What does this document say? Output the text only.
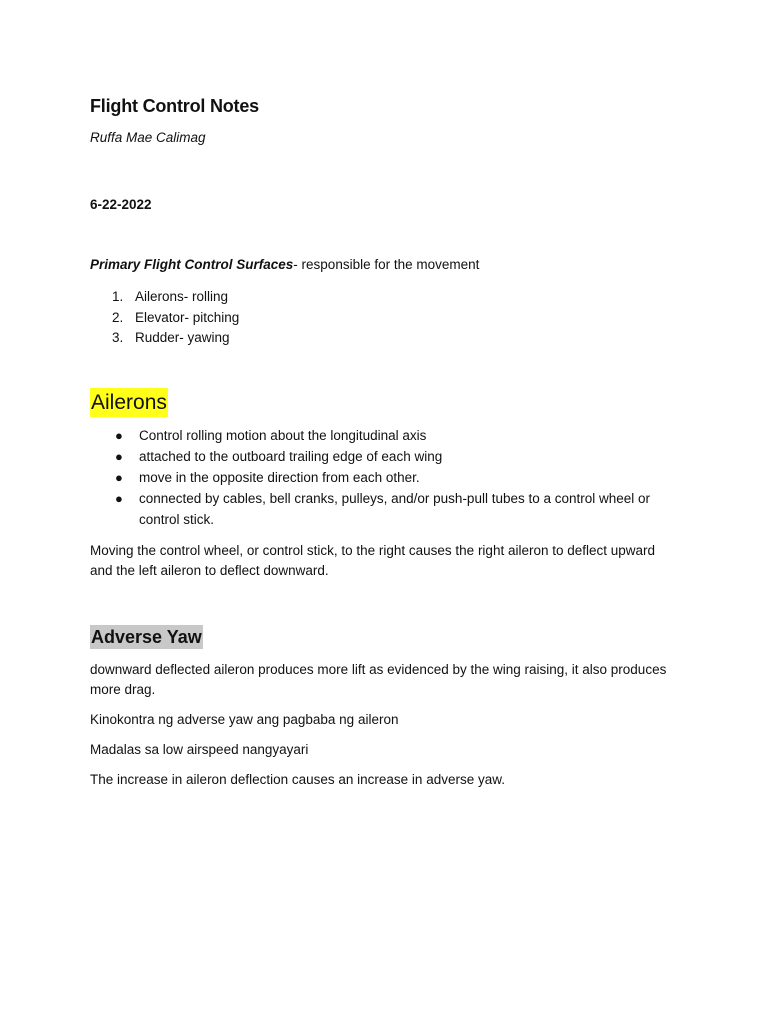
Flight Control Notes
Ruffa Mae Calimag
6-22-2022
Primary Flight Control Surfaces- responsible for the movement
1. Ailerons- rolling
2. Elevator- pitching
3. Rudder- yawing
Ailerons
● Control rolling motion about the longitudinal axis
● attached to the outboard trailing edge of each wing
● move in the opposite direction from each other.
● connected by cables, bell cranks, pulleys, and/or push-pull tubes to a control wheel or control stick.

Moving the control wheel, or control stick, to the right causes the right aileron to deflect upward and the left aileron to deflect downward.

Adverse Yaw

downward deflected aileron produces more lift as evidenced by the wing raising, it also produces more drag.

Kinokontra ng adverse yaw ang pagbaba ng aileron

Madalas sa low airspeed nangyayari

The increase in aileron deflection causes an increase in adverse yaw.
